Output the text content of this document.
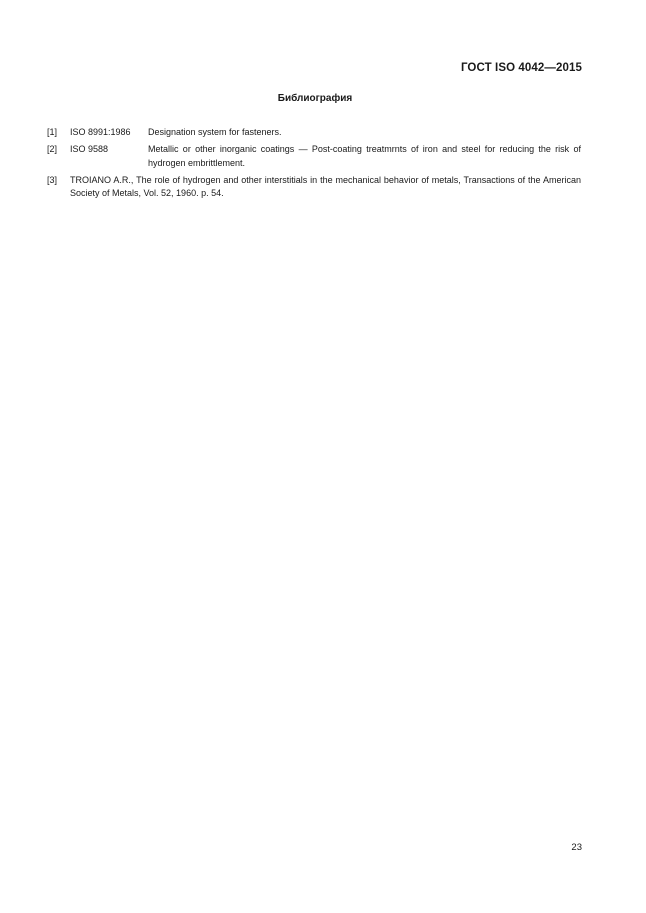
ГОСТ ISO 4042—2015
Библиография
[1]	ISO 8991:1986	Designation system for fasteners.
[2]	ISO 9588	Metallic or other inorganic coatings — Post-coating treatmrnts of iron and steel for reducing the risk of hydrogen embrittlement.
[3]	TROIANO A.R., The role of hydrogen and other interstitials in the mechanical behavior of metals, Transactions of the American Society of Metals, Vol. 52, 1960. p. 54.
23
